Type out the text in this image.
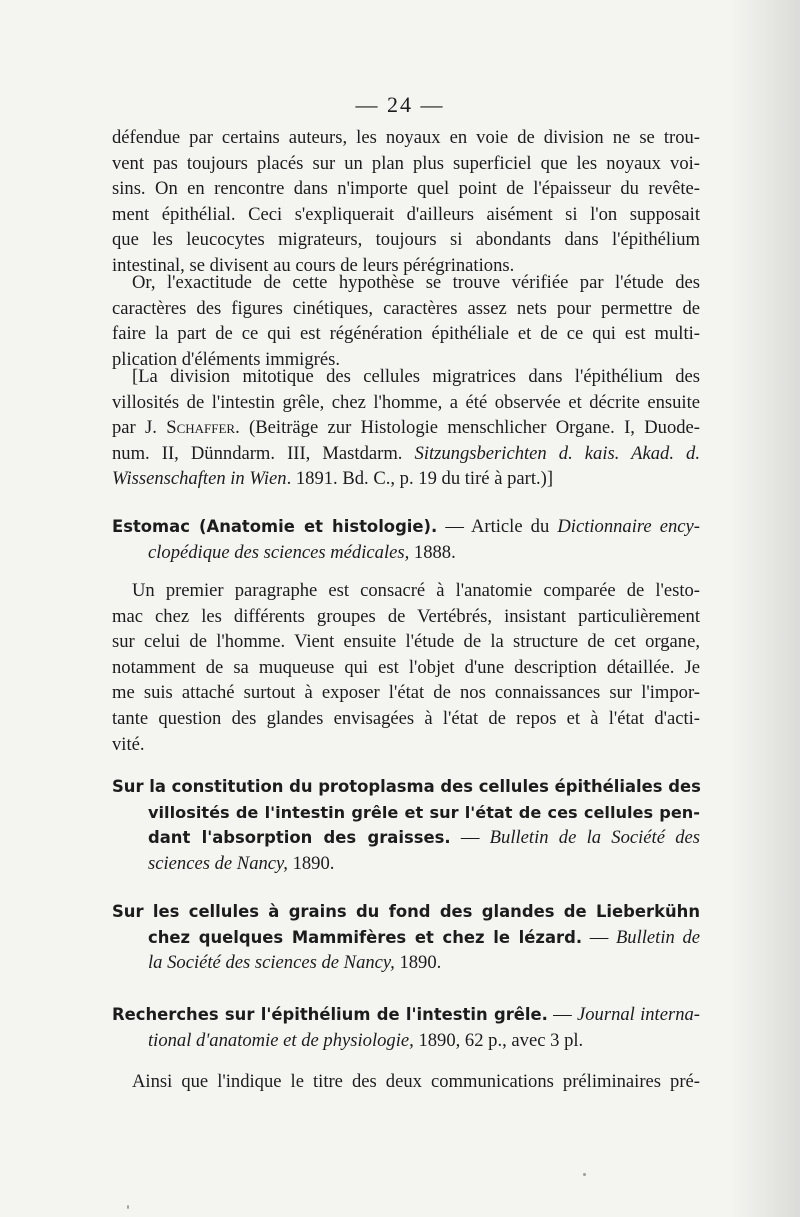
— 24 —
défendue par certains auteurs, les noyaux en voie de division ne se trou-
vent pas toujours placés sur un plan plus superficiel que les noyaux voi-
sins. On en rencontre dans n'importe quel point de l'épaisseur du revête-
ment épithélial. Ceci s'expliquerait d'ailleurs aisément si l'on supposait
que les leucocytes migrateurs, toujours si abondants dans l'épithélium
intestinal, se divisent au cours de leurs pérégrinations.
Or, l'exactitude de cette hypothèse se trouve vérifiée par l'étude des
caractères des figures cinétiques, caractères assez nets pour permettre de
faire la part de ce qui est régénération épithéliale et de ce qui est multi-
plication d'éléments immigrés.
[La division mitotique des cellules migratrices dans l'épithélium des
villosités de l'intestin grêle, chez l'homme, a été observée et décrite ensuite
par J. Schaffer. (Beiträge zur Histologie menschlicher Organe. I, Duode-
num. II, Dünndarm. III, Mastdarm. Sitzungsberichten d. kais. Akad. d.
Wissenschaften in Wien. 1891. Bd. C., p. 19 du tiré à part.)]
Estomac (Anatomie et histologie). — Article du Dictionnaire ency-
clopédique des sciences médicales, 1888.
Un premier paragraphe est consacré à l'anatomie comparée de l'esto-
mac chez les différents groupes de Vertébrés, insistant particulièrement
sur celui de l'homme. Vient ensuite l'étude de la structure de cet organe,
notamment de sa muqueuse qui est l'objet d'une description détaillée. Je
me suis attaché surtout à exposer l'état de nos connaissances sur l'impor-
tante question des glandes envisagées à l'état de repos et à l'état d'acti-
vité.
Sur la constitution du protoplasma des cellules épithéliales des
villosités de l'intestin grêle et sur l'état de ces cellules pen-
dant l'absorption des graisses. — Bulletin de la Société des
sciences de Nancy, 1890.
Sur les cellules à grains du fond des glandes de Lieberkühn
chez quelques Mammifères et chez le lézard. — Bulletin de
la Société des sciences de Nancy, 1890.
Recherches sur l'épithélium de l'intestin grêle. — Journal interna-
tional d'anatomie et de physiologie, 1890, 62 p., avec 3 pl.
Ainsi que l'indique le titre des deux communications préliminaires pré-
